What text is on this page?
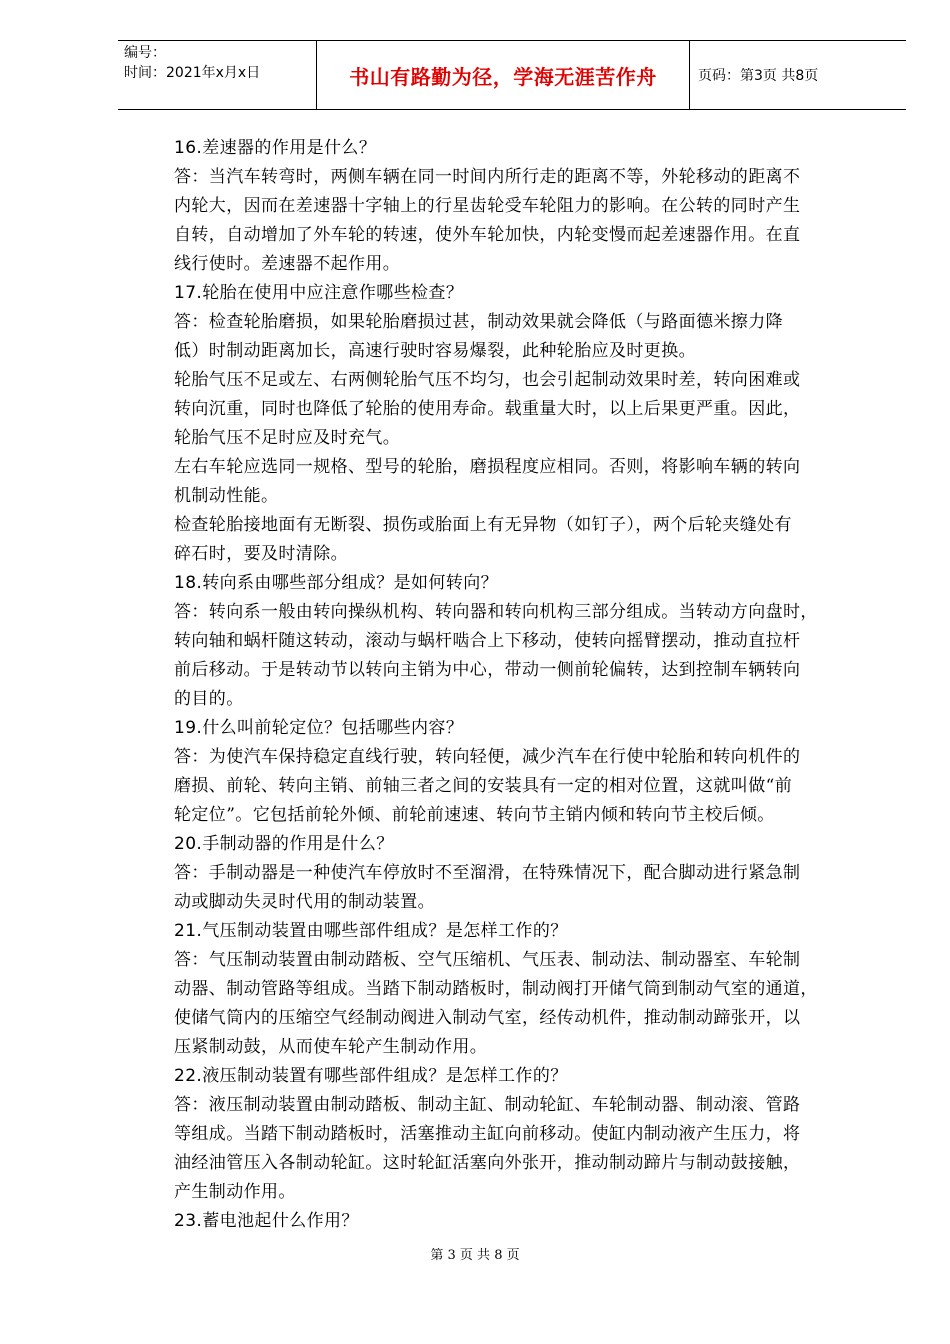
编号：
时间：2021年x月x日	书山有路勤为径，学海无涯苦作舟	页码：第3页 共8页

16.差速器的作用是什么？

答：当汽车转弯时，两侧车辆在同一时间内所行走的距离不等，外轮移动的距离不

内轮大，因而在差速器十字轴上的行星齿轮受车轮阻力的影响。在公转的同时产生

自转，自动增加了外车轮的转速，使外车轮加快，内轮变慢而起差速器作用。在直

线行使时。差速器不起作用。

17.轮胎在使用中应注意作哪些检查？

答：检查轮胎磨损，如果轮胎磨损过甚，制动效果就会降低（与路面德米擦力降

低）时制动距离加长，高速行驶时容易爆裂，此种轮胎应及时更换。

轮胎气压不足或左、右两侧轮胎气压不均匀，也会引起制动效果时差，转向困难或

转向沉重，同时也降低了轮胎的使用寿命。载重量大时，以上后果更严重。因此，

轮胎气压不足时应及时充气。

左右车轮应选同一规格、型号的轮胎，磨损程度应相同。否则，将影响车辆的转向

机制动性能。

检查轮胎接地面有无断裂、损伤或胎面上有无异物（如钉子），两个后轮夹缝处有

碎石时，要及时清除。

18.转向系由哪些部分组成？是如何转向？

答：转向系一般由转向操纵机构、转向器和转向机构三部分组成。当转动方向盘时，

转向轴和蜗杆随这转动，滚动与蜗杆啮合上下移动，使转向摇臂摆动，推动直拉杆

前后移动。于是转动节以转向主销为中心，带动一侧前轮偏转，达到控制车辆转向

的目的。

19.什么叫前轮定位？包括哪些内容？

答：为使汽车保持稳定直线行驶，转向轻便，减少汽车在行使中轮胎和转向机件的

磨损、前轮、转向主销、前轴三者之间的安装具有一定的相对位置，这就叫做“前

轮定位”。它包括前轮外倾、前轮前速速、转向节主销内倾和转向节主校后倾。

20.手制动器的作用是什么？

答：手制动器是一种使汽车停放时不至溜滑，在特殊情况下，配合脚动进行紧急制

动或脚动失灵时代用的制动装置。

21.气压制动装置由哪些部件组成？是怎样工作的？

答：气压制动装置由制动踏板、空气压缩机、气压表、制动法、制动器室、车轮制

动器、制动管路等组成。当踏下制动踏板时，制动阀打开储气筒到制动气室的通道，

使储气筒内的压缩空气经制动阀进入制动气室，经传动机件，推动制动蹄张开，以

压紧制动鼓，从而使车轮产生制动作用。

22.液压制动装置有哪些部件组成？是怎样工作的？

答：液压制动装置由制动踏板、制动主缸、制动轮缸、车轮制动器、制动滚、管路

等组成。当踏下制动踏板时，活塞推动主缸向前移动。使缸内制动液产生压力，将

油经油管压入各制动轮缸。这时轮缸活塞向外张开，推动制动蹄片与制动鼓接触，

产生制动作用。

23.蓄电池起什么作用？

第 3 页 共 8 页
